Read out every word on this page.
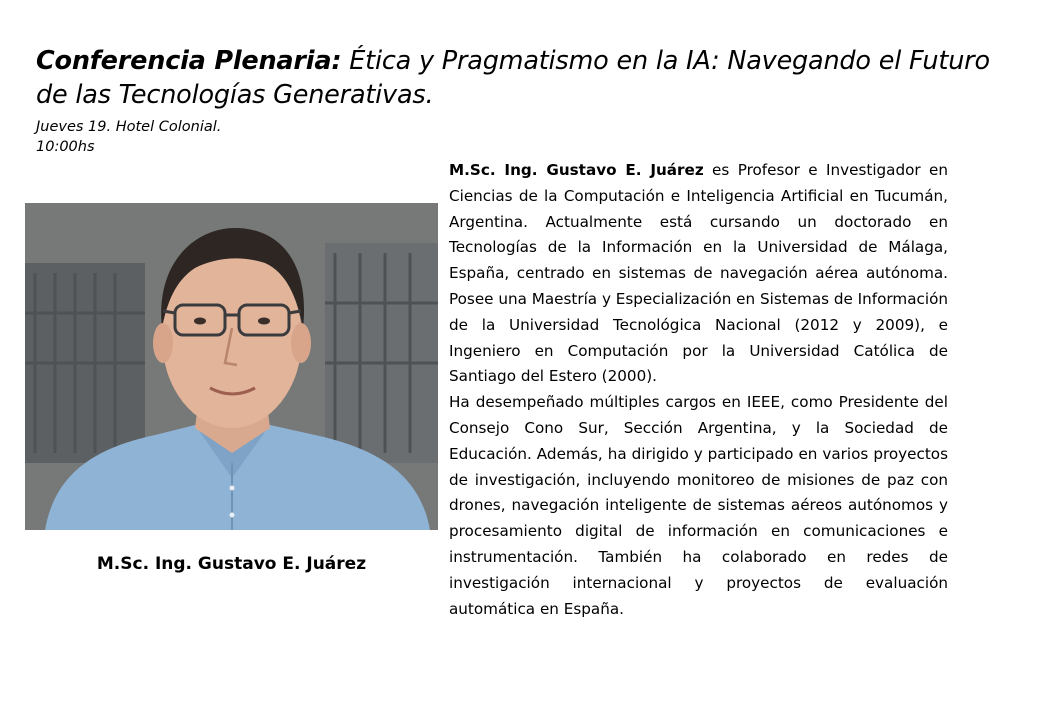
Conferencia Plenaria: Ética y Pragmatismo en la IA: Navegando el Futuro de las Tecnologías Generativas.
Jueves 19. Hotel Colonial.
10:00hs
M.Sc. Ing. Gustavo E. Juárez

M.Sc. Ing. Gustavo E. Juárez es Profesor e Investigador en Ciencias de la Computación e Inteligencia Artificial en Tucumán, Argentina. Actualmente está cursando un doctorado en Tecnologías de la Información en la Universidad de Málaga, España, centrado en sistemas de navegación aérea autónoma. Posee una Maestría y Especialización en Sistemas de Información de la Universidad Tecnológica Nacional (2012 y 2009), e Ingeniero en Computación por la Universidad Católica de Santiago del Estero (2000).

Ha desempeñado múltiples cargos en IEEE, como Presidente del Consejo Cono Sur, Sección Argentina, y la Sociedad de Educación. Además, ha dirigido y participado en varios proyectos de investigación, incluyendo monitoreo de misiones de paz con drones, navegación inteligente de sistemas aéreos autónomos y procesamiento digital de información en comunicaciones e instrumentación. También ha colaborado en redes de investigación internacional y proyectos de evaluación automática en España.
